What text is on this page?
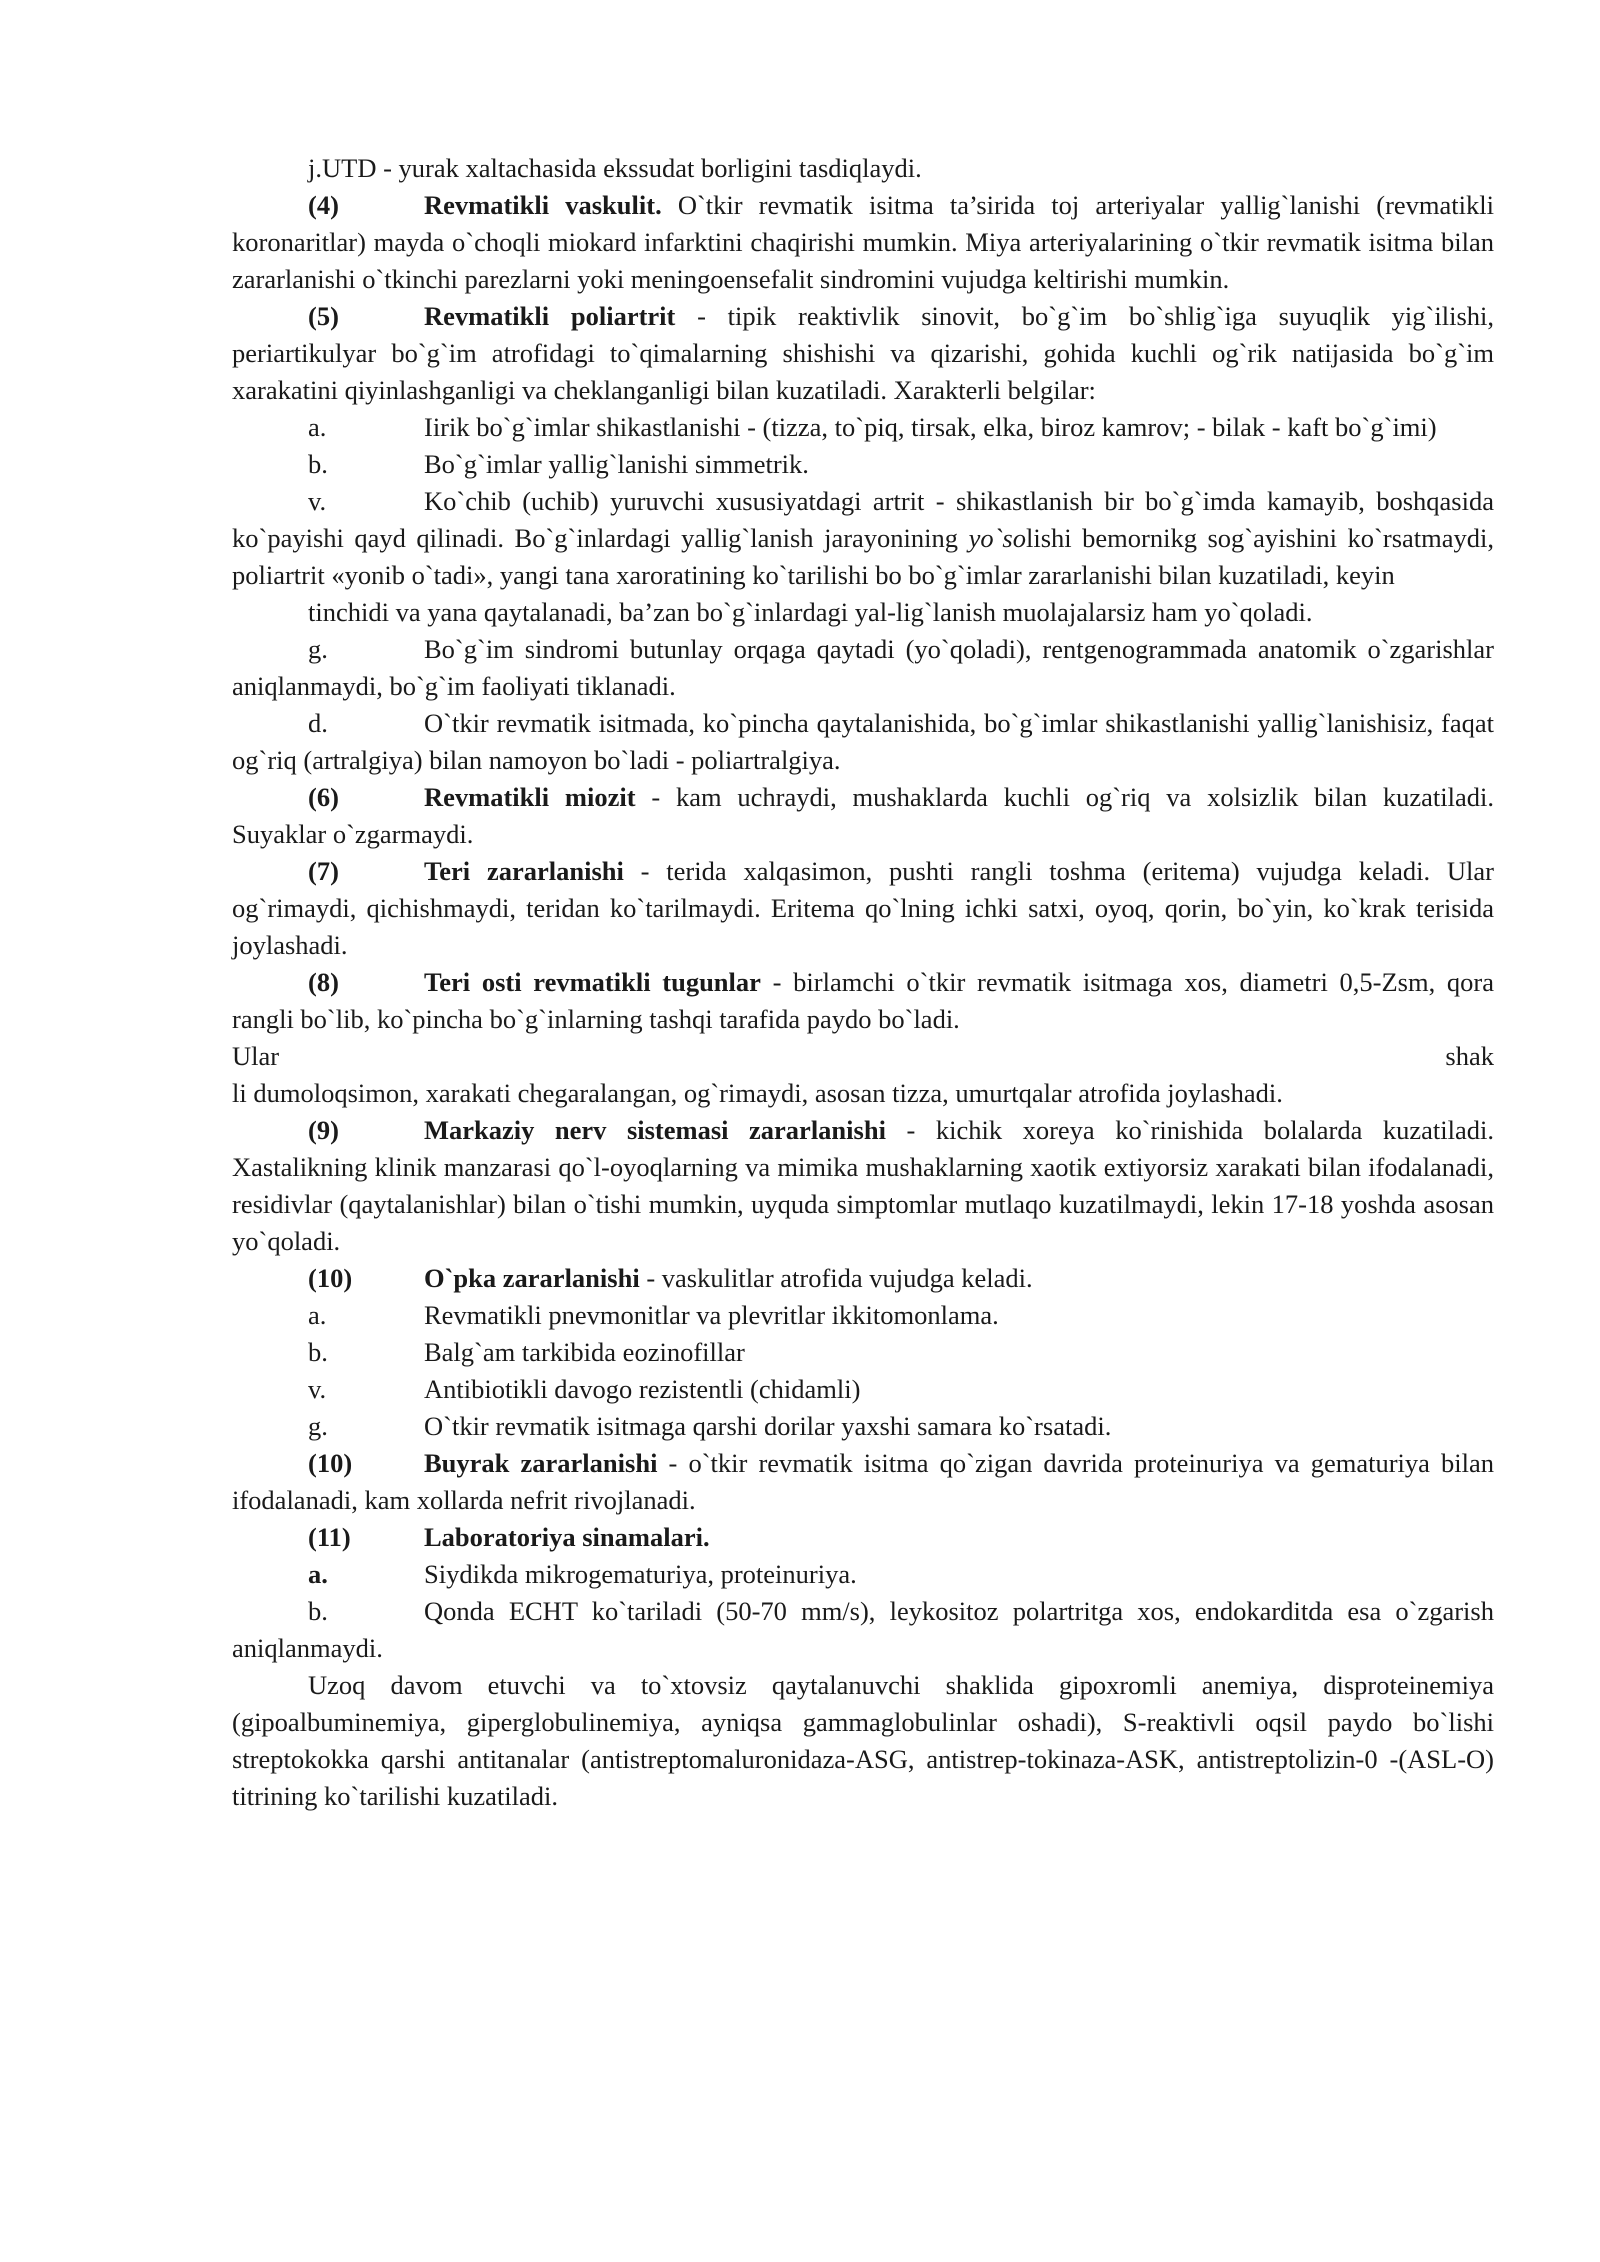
j.UTD - yurak xaltachasida ekssudat borligini tasdiqlaydi.

(4)	Revmatikli vaskulit. O`tkir revmatik isitma ta’sirida toj arteriyalar yallig`lanishi (revmatikli koronaritlar) mayda o`choqli miokard infarktini chaqirishi mumkin. Miya arteriyalarining o`tkir revmatik isitma bilan zararlanishi o`tkinchi parezlarni yoki meningoensefalit sindromini vujudga keltirishi mumkin.

(5)	Revmatikli poliartrit - tipik reaktivlik sinovit, bo`g`im bo`shlig`iga suyuqlik yig`ilishi, periartikulyar bo`g`im atrofidagi to`qimalarning shishishi va qizarishi, gohida kuchli og`rik natijasida bo`g`im xarakatini qiyinlashganligi va cheklanganligi bilan kuzatiladi. Xarakterli belgilar:

a.	Iirik bo`g`imlar shikastlanishi - (tizza, to`piq, tirsak, elka, biroz kamrov; - bilak - kaft bo`g`imi)

b.	Bo`g`imlar yallig`lanishi simmetrik.

v.	Ko`chib (uchib) yuruvchi xususiyatdagi artrit - shikastlanish bir bo`g`imda kamayib, boshqasida ko`payishi qayd qilinadi. Bo`g`inlardagi yallig`lanish jarayonining yo`solishi bemornikg sog`ayishini ko`rsatmaydi, poliartrit «yonib o`tadi», yangi tana xaroratining ko`tarilishi bo bo`g`imlar zararlanishi bilan kuzatiladi, keyin

tinchidi va yana qaytalanadi, ba’zan bo`g`inlardagi yal-lig`lanish muolajalarsiz ham yo`qoladi.

g.	Bo`g`im sindromi butunlay orqaga qaytadi (yo`qoladi), rentgenogrammada anatomik o`zgarishlar aniqlanmaydi, bo`g`im faoliyati tiklanadi.

d.	O`tkir revmatik isitmada, ko`pincha qaytalanishida, bo`g`imlar shikastlanishi yallig`lanishisiz, faqat og`riq (artralgiya) bilan namoyon bo`ladi - poliartralgiya.

(6)	Revmatikli miozit - kam uchraydi, mushaklarda kuchli og`riq va xolsizlik bilan kuzatiladi. Suyaklar o`zgarmaydi.

(7)	Teri zararlanishi - terida xalqasimon, pushti rangli toshma (eritema) vujudga keladi. Ular og`rimaydi, qichishmaydi, teridan ko`tarilmaydi. Eritema qo`lning ichki satxi, oyoq, qorin, bo`yin, ko`krak terisida joylashadi.

(8)	Teri osti revmatikli tugunlar - birlamchi o`tkir revmatik isitmaga xos, diametri 0,5-Zsm, qora rangli bo`lib, ko`pincha bo`g`inlarning tashqi tarafida paydo bo`ladi.

Ular	shak

li dumoloqsimon, xarakati chegaralangan, og`rimaydi, asosan tizza, umurtqalar atrofida joylashadi.

(9)	Markaziy nerv sistemasi zararlanishi - kichik xoreya ko`rinishida bolalarda kuzatiladi. Xastalikning klinik manzarasi qo`l-oyoqlarning va mimika mushaklarning xaotik extiyorsiz xarakati bilan ifodalanadi, residivlar (qaytalanishlar) bilan o`tishi mumkin, uyquda simptomlar mutlaqo kuzatilmaydi, lekin 17-18 yoshda asosan yo`qoladi.

(10)	O`pka zararlanishi - vaskulitlar atrofida vujudga keladi.

a.	Revmatikli pnevmonitlar va plevritlar ikkitomonlama.

b.	Balg`am tarkibida eozinofillar

v.	Antibiotikli davogo rezistentli (chidamli)

g.	O`tkir revmatik isitmaga qarshi dorilar yaxshi samara ko`rsatadi.

(10)	Buyrak zararlanishi - o`tkir revmatik isitma qo`zigan davrida proteinuriya va gematuriya bilan ifodalanadi, kam xollarda nefrit rivojlanadi.

(11)	Laboratoriya sinamalari.

a.	Siydikda mikrogematuriya, proteinuriya.

b.	Qonda ECHT ko`tariladi (50-70 mm/s), leykositoz polartritga xos, endokarditda esa o`zgarish aniqlanmaydi.

Uzoq davom etuvchi va to`xtovsiz qaytalanuvchi shaklida gipoxromli anemiya, disproteinemiya (gipoalbuminemiya, giperglobulinemiya, ayniqsa gammaglobulinlar oshadi), S-reaktivli oqsil paydo bo`lishi streptokokka qarshi antitanalar (antistreptomaluronidaza-ASG, antistrep-tokinaza-ASK, antistreptolizin-0 -(ASL-O) titrining ko`tarilishi kuzatiladi.
